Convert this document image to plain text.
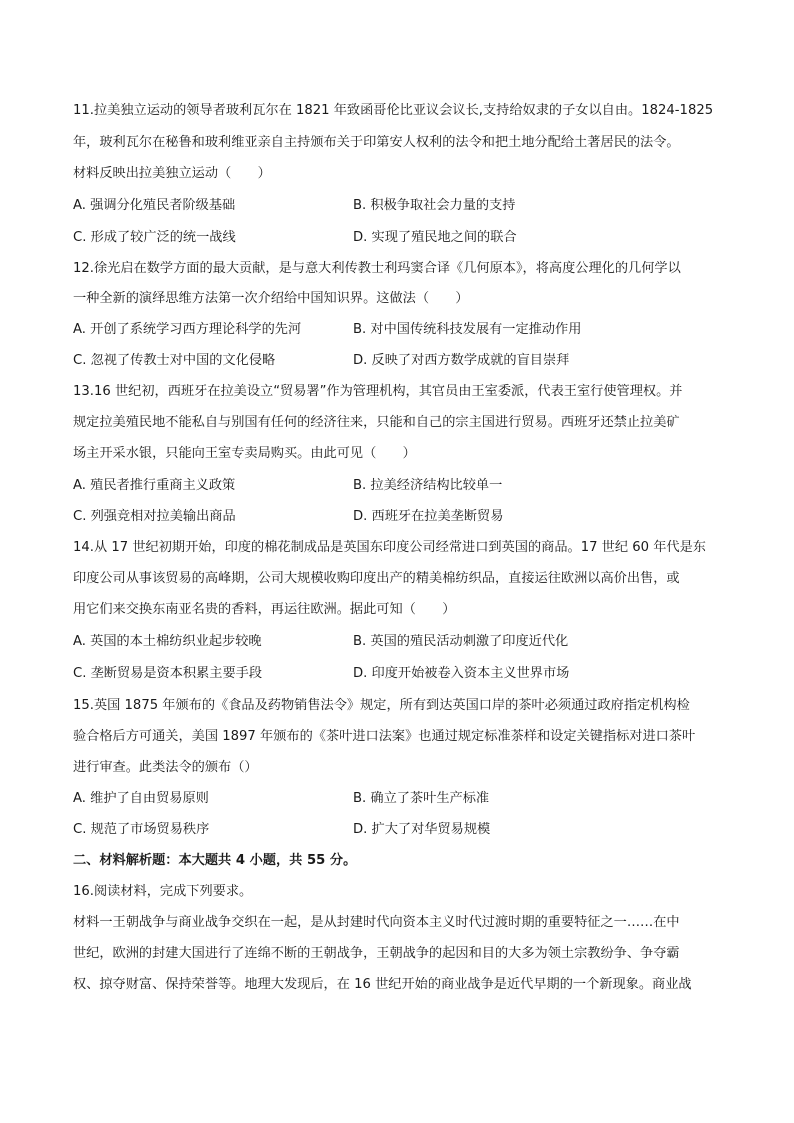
11.拉美独立运动的领导者玻利瓦尔在 1821 年致函哥伦比亚议会议长,支持给奴隶的子女以自由。1824-1825
年，玻利瓦尔在秘鲁和玻利维亚亲自主持颁布关于印第安人权利的法令和把土地分配给土著居民的法令。
材料反映出拉美独立运动（　　）
A. 强调分化殖民者阶级基础	B. 积极争取社会力量的支持
C. 形成了较广泛的统一战线	D. 实现了殖民地之间的联合
12.徐光启在数学方面的最大贡献，是与意大利传教士利玛窦合译《几何原本》，将高度公理化的几何学以
一种全新的演绎思维方法第一次介绍给中国知识界。这做法（　　）
A. 开创了系统学习西方理论科学的先河	B. 对中国传统科技发展有一定推动作用
C. 忽视了传教士对中国的文化侵略	D. 反映了对西方数学成就的盲目崇拜
13.16 世纪初，西班牙在拉美设立“贸易署”作为管理机构，其官员由王室委派，代表王室行使管理权。并
规定拉美殖民地不能私自与别国有任何的经济往来，只能和自己的宗主国进行贸易。西班牙还禁止拉美矿
场主开采水银，只能向王室专卖局购买。由此可见（　　）
A. 殖民者推行重商主义政策	B. 拉美经济结构比较单一
C. 列强竞相对拉美输出商品	D. 西班牙在拉美垄断贸易
14.从 17 世纪初期开始，印度的棉花制成品是英国东印度公司经常进口到英国的商品。17 世纪 60 年代是东
印度公司从事该贸易的高峰期，公司大规模收购印度出产的精美棉纺织品，直接运往欧洲以高价出售，或
用它们来交换东南亚名贵的香料，再运往欧洲。据此可知（　　）
A. 英国的本土棉纺织业起步较晚	B. 英国的殖民活动刺激了印度近代化
C. 垄断贸易是资本积累主要手段	D. 印度开始被卷入资本主义世界市场
15.英国 1875 年颁布的《食品及药物销售法令》规定，所有到达英国口岸的茶叶必须通过政府指定机构检
验合格后方可通关，美国 1897 年颁布的《茶叶进口法案》也通过规定标准茶样和设定关键指标对进口茶叶
进行审查。此类法令的颁布（）
A. 维护了自由贸易原则	B. 确立了茶叶生产标准
C. 规范了市场贸易秩序	D. 扩大了对华贸易规模
二、材料解析题：本大题共 4 小题，共 55 分。
16.阅读材料，完成下列要求。
材料一王朝战争与商业战争交织在一起，是从封建时代向资本主义时代过渡时期的重要特征之一……在中
世纪，欧洲的封建大国进行了连绵不断的王朝战争，王朝战争的起因和目的大多为领土宗教纷争、争夺霸
权、掠夺财富、保持荣誉等。地理大发现后，在 16 世纪开始的商业战争是近代早期的一个新现象。商业战
